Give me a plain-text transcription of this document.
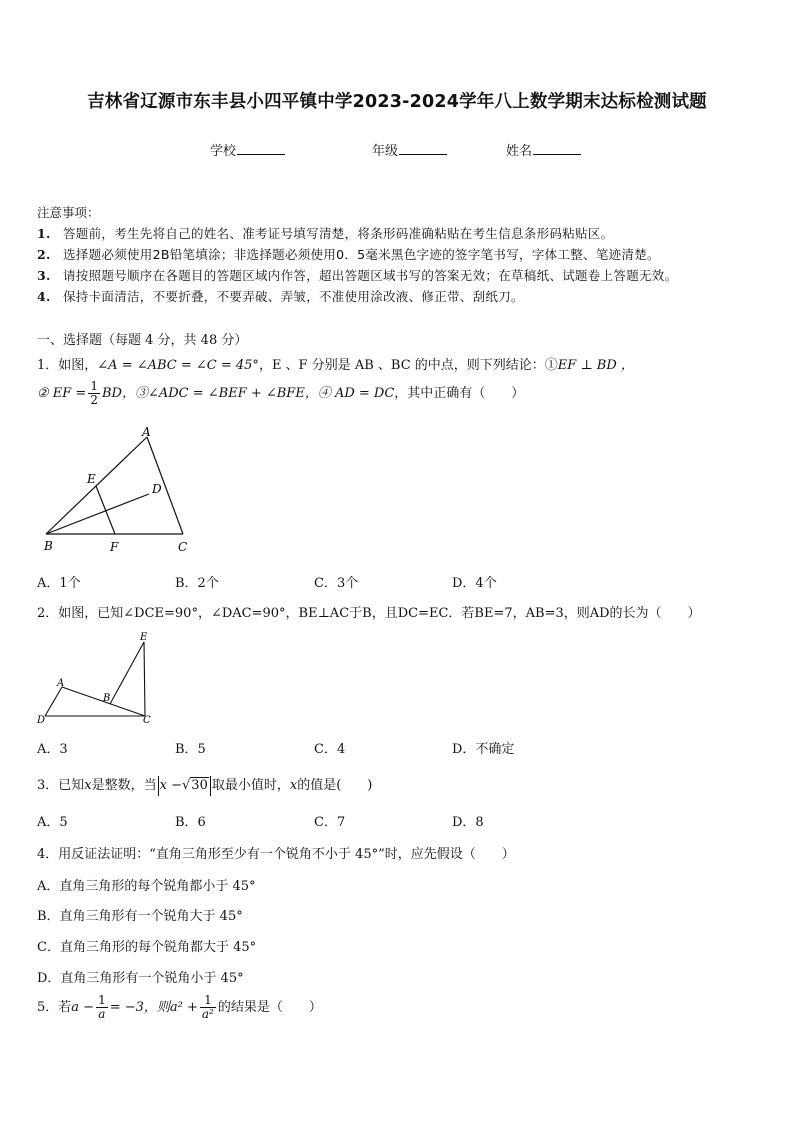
吉林省辽源市东丰县小四平镇中学2023-2024学年八上数学期末达标检测试题
学校	年级	姓名
注意事项：
1. 答题前，考生先将自己的姓名、准考证号填写清楚，将条形码准确粘贴在考生信息条形码粘贴区。
2. 选择题必须使用2B铅笔填涂；非选择题必须使用0．5毫米黑色字迹的签字笔书写，字体工整、笔迹清楚。
3. 请按照题号顺序在各题目的答题区域内作答，超出答题区域书写的答案无效；在草稿纸、试题卷上答题无效。
4. 保持卡面清洁，不要折叠，不要弄破、弄皱，不准使用涂改液、修正带、刮纸刀。
一、选择题（每题 4 分，共 48 分）
1．如图，∠A = ∠ABC = ∠C = 45°，E 、F 分别是 AB 、BC 的中点，则下列结论：①EF ⊥ BD ，
② EF = $\frac{1}{2}$ BD，③∠ADC = ∠BEF + ∠BFE，④ AD = DC，其中正确有（　　）
A
B	C
D
E
F
A．1个	B．2个	C．3个	D．4个
2．如图，已知∠DCE=90°，∠DAC=90°，BE⊥AC于B，且DC=EC．若BE=7，AB=3，则AD的长为（　　）
E
A
B
D	C
A．3	B．5	C．4	D．不确定
3．已知x是整数，当 x −√30 取最小值时，x的值是(　　)
A．5	B．6	C．7	D．8
4．用反证法证明：“直角三角形至少有一个锐角不小于 45°”时，应先假设（　　）
A．直角三角形的每个锐角都小于 45°
B．直角三角形有一个锐角大于 45°
C．直角三角形的每个锐角都大于 45°
D．直角三角形有一个锐角小于 45°
5．若$a - \frac{1}{a} = -3$，则$a^2 + \frac{1}{\text{a²}}$ 的结果是（　　）
